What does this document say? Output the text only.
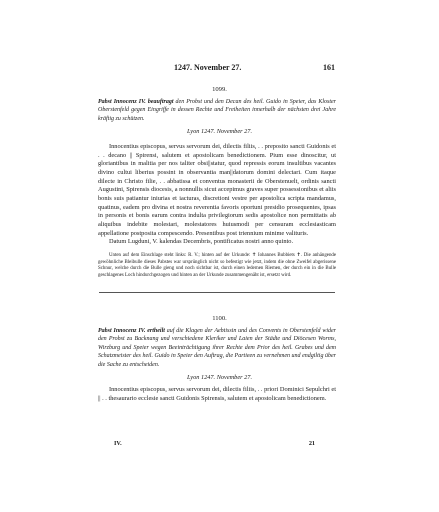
1247. November 27.	161
1099.
Pabst Innocenz IV. beauftragt den Probst und den Decan des heil. Guido in Speier, das Kloster Oberstenfeld gegen Eingriffe in dessen Rechte und Freiheiten innerhalb der nächsten drei Jahre kräftig zu schützen.
Lyon 1247. November 27.

Innocentius episcopus, servus servorum dei, dilectis filiis, . . preposito sancti Guidonis et . . decano || Spirensi, salutem et apostolicam benedictionem. Pium esse dinoscitur, ut gloriantibus in malitia per nos taliter obsi||statur, quod repressis eorum insultibus vacantes divino cultui liberius possint in observantia man||datorum domini delectari. Cum itaque dilecte in Christo filie, . . abbatissa et conventus monasterii de Oberstenuelt, ordinis sancti Augustini, Spirensis diocesis, a nonnullis sicut accepimus graves super possessionibus et aliis bonis suis patiantur iniurias et iacturas, discretioni vestre per apostolica scripta mandamus, quatinus, eadem pro divina et nostra reverentia favoris oportuni presidio prosequentes, ipsas in personis et bonis earum contra indulta privilegiorum sedis apostolice non permittatis ab aliquibus indebite molestari, molestatores huiusmodi per censuram ecclesiasticam appellatione postposita compescendo. Presentibus post triennium minime valituris.

Datum Lugduni, V. kalendas Decembris, pontificatus nostri anno quinto.

Unten auf dem Einschlage steht links: R. V.; hinten auf der Urkunde: ✝ Iohannes Bubbiets ✝. Die anhängende gewöhnliche Bleibulle dieses Pabstes war ursprünglich nicht so befestigt wie jetzt, indem die ohne Zweifel abgerissene Schnur, welche durch die Bulle gieng und noch sichtbar ist, durch einen ledernen Riemen, der durch ein in die Bulle geschlagenes Loch hindurchgezogen und hinten an der Urkunde zusammengenäht ist, ersetzt wird.
1100.
Pabst Innocenz IV. ertheilt auf die Klagen der Aebtissin und des Convents in Oberstenfeld wider den Probst zu Backnang und verschiedene Kleriker und Laien der Städte und Diöcesen Worms, Wirzburg und Speier wegen Beeinträchtigung ihrer Rechte dem Prior des heil. Grabes und dem Schatzmeister des heil. Guido in Speier den Auftrag, die Partieen zu vernehmen und endgiltig über die Sache zu entscheiden.
Lyon 1247. November 27.

Innocentius episcopus, servus servorum dei, dilectis filiis, . . priori Dominici Sepulchri et || . . thesaurario ecclesie sancti Guidonis Spirensis, salutem et apostolicam benedictionem.

IV.	21
